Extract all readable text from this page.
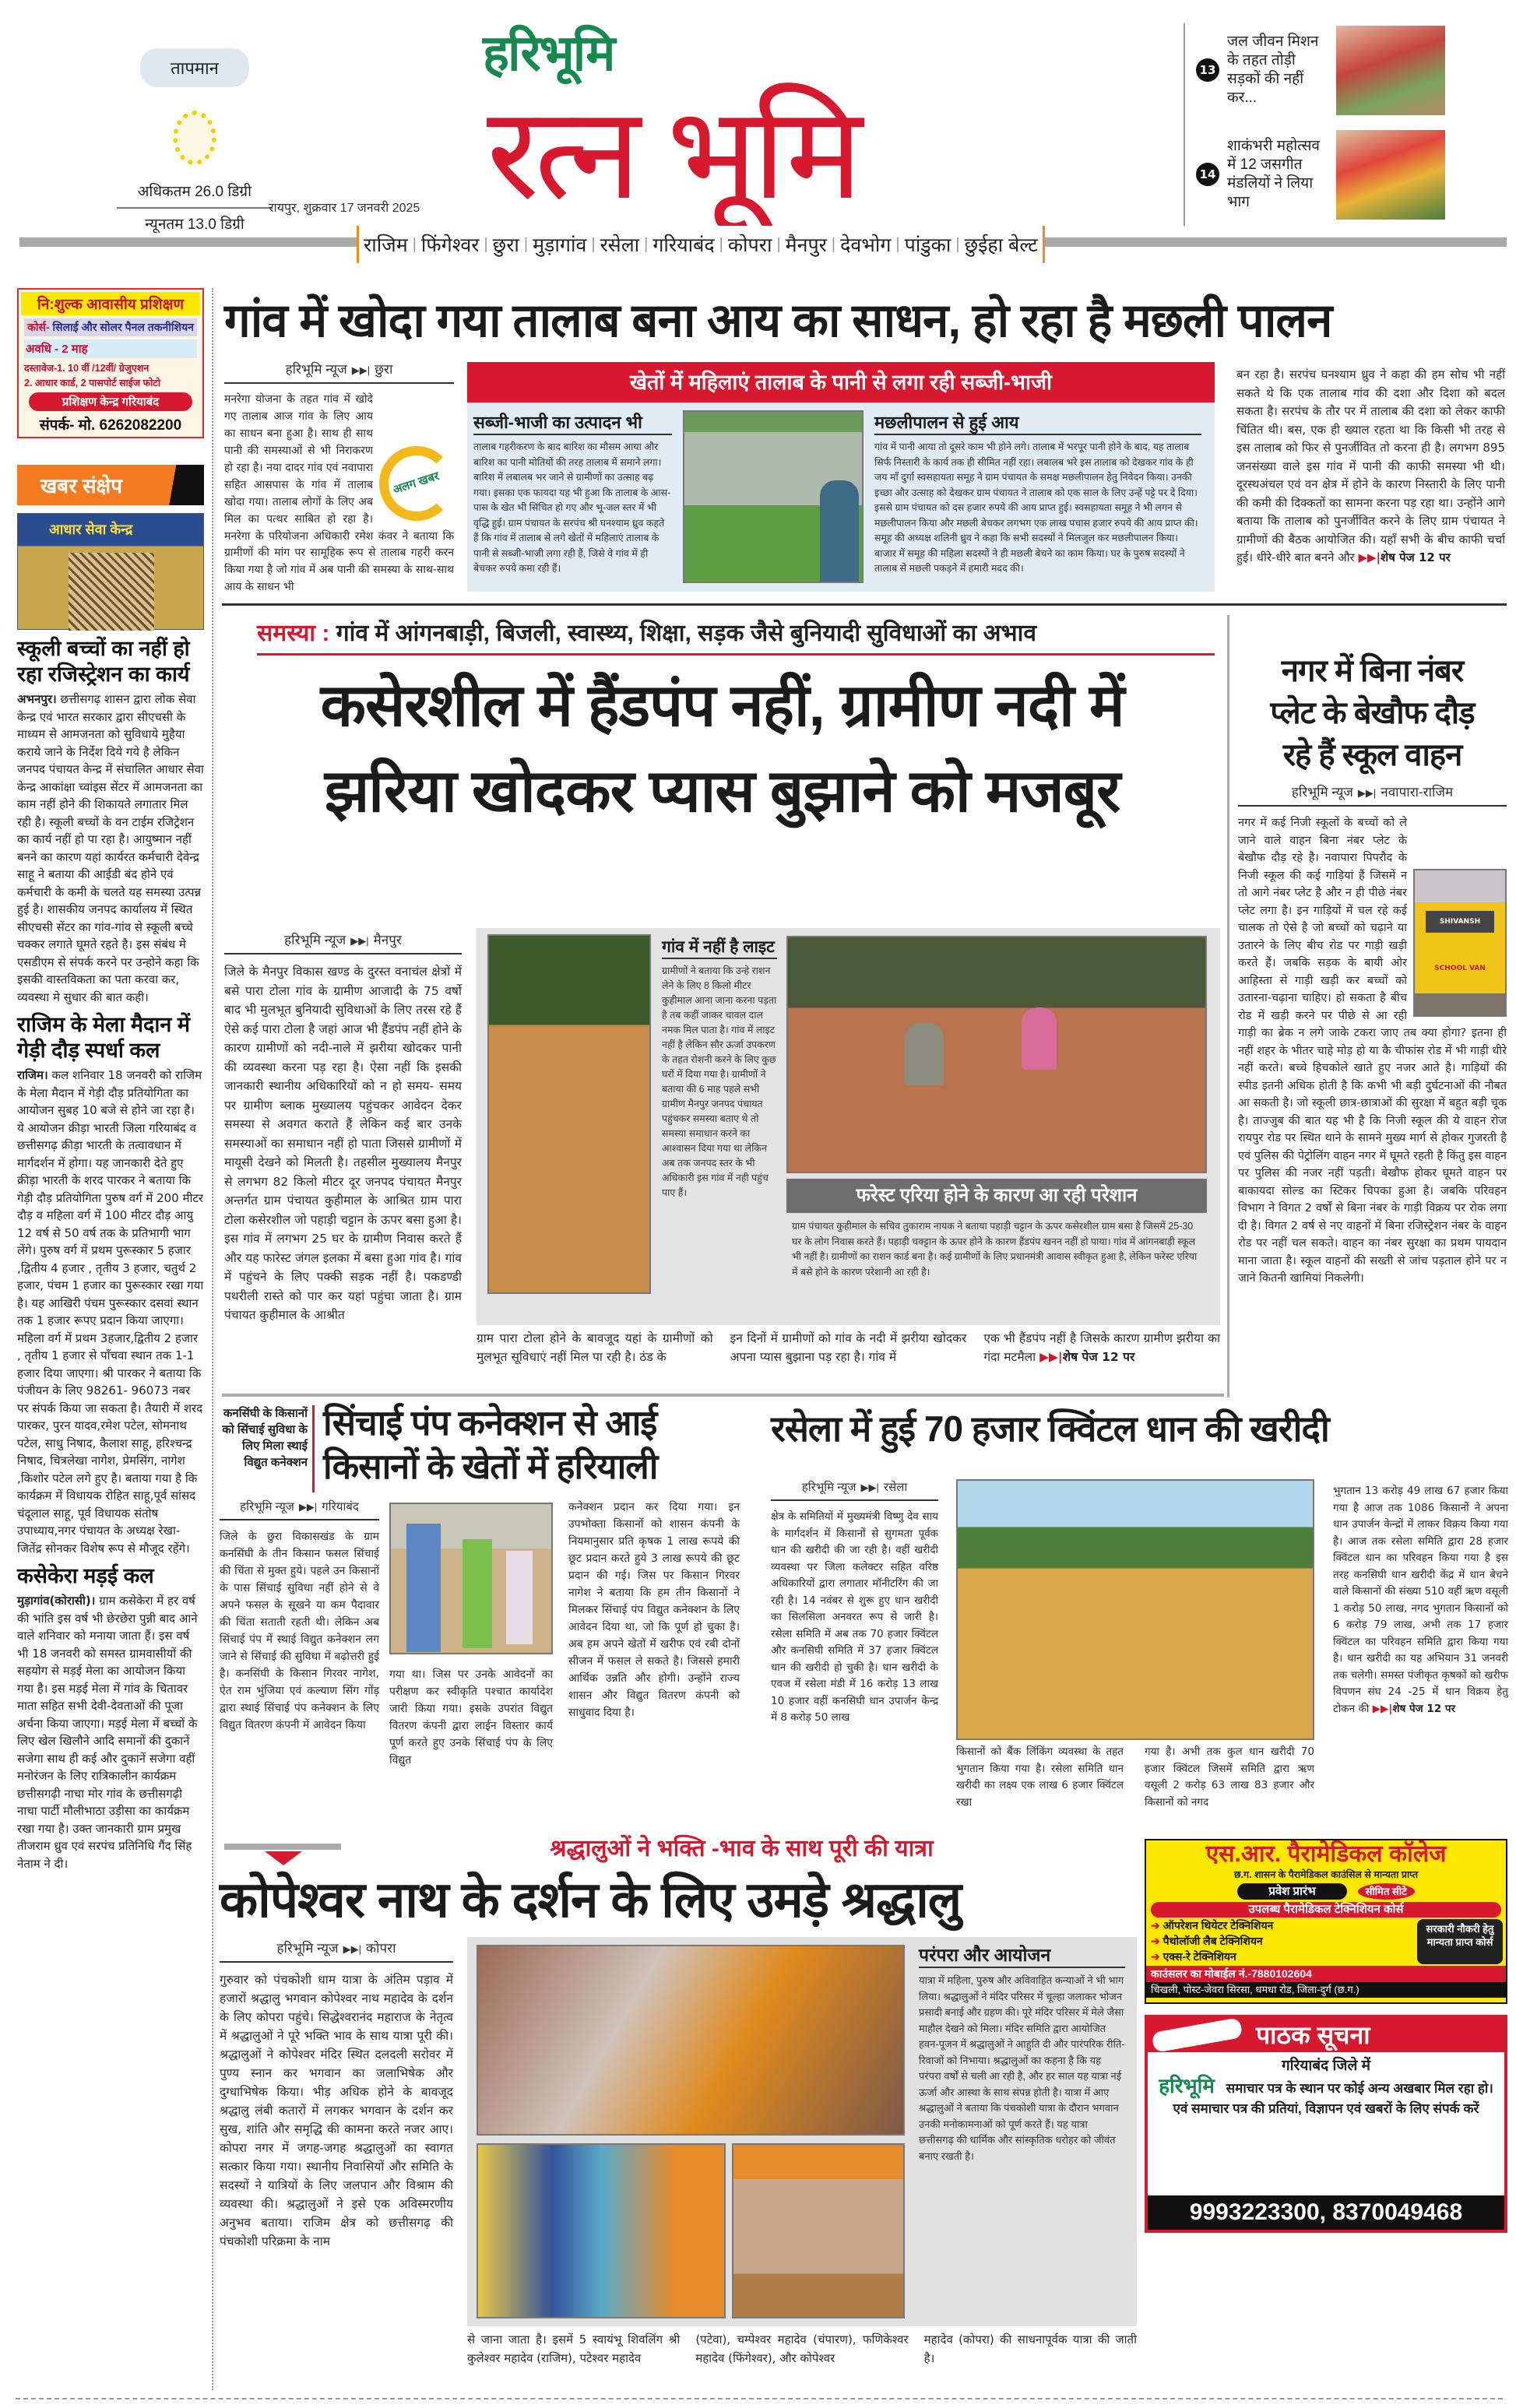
तापमान
अधिकतम 26.0 डिग्री
न्यूनतम 13.0 डिग्री
हरिभूमि
रत्न भूमि
रायपुर, शुक्रवार 17 जनवरी 2025
13
जल जीवन मिशन के तहत तोड़ी सड़कों की नहीं कर...
14
शाकंभरी महोत्सव में 12 जसगीत मंडलियों ने लिया भाग
राजिम | फिंगेश्वर | छुरा | मुड़ागांव | रसेला | गरियाबंद | कोपरा | मैनपुर | देवभोग | पांडुका | छुईहा बेल्ट
नि:शुल्क आवासीय प्रशिक्षण
कोर्स- सिलाई और सोलर पैनल तकनीशियन
अवधि - 2 माह
दस्तावेज-1. 10 वीं /12वीं/ ग्रेजुएशन
2. आधार कार्ड, 2 पासपोर्ट साईज फोटो
प्रशिक्षण केन्द्र गरियाबंद
संपर्क- मो. 6262082200
खबर संक्षेप
आधार सेवा केन्द्र
स्कूली बच्चों का नहीं हो रहा रजिस्ट्रेशन का कार्य
अभनपुर। छत्तीसगढ़ शासन द्वारा लोक सेवा केन्द्र एवं भारत सरकार द्वारा सीएचसी के माध्यम से आमजनता को सुविधाये मुहैया कराये जाने के निर्देश दिये गये है लेकिन जनपद पंचायत केन्द्र में संचालित आधार सेवा केन्द्र आकांक्षा च्वांइस सेंटर में आमजनता का काम नहीं होने की शिकायते लगातार मिल रही है। स्कूली बच्चों के वन टाईम रजिट्रेशन का कार्य नहीं हो पा रहा है। आयुष्मान नहीं बनने का कारण यहां कार्यरत कर्मचारी देवेन्द्र साहू ने बताया की आईडी बंद होने एवं कर्मचारी के कमी के चलते यह समस्या उत्पन्न हुई है। शासकीय जनपद कार्यालय में स्थित सीएचसी सेंटर का गांव-गांव से स्कूली बच्चे चक्कर लगाते घूमते रहते है। इस संबंध मे एसडीएम से संपर्क करने पर उन्होने कहा कि इसकी वास्तविकता का पता करवा कर, व्यवस्था मे सुधार की बात कही।
राजिम के मेला मैदान में गेड़ी दौड़ स्पर्धा कल
राजिम। कल शनिवार 18 जनवरी को राजिम के मेला मैदान में गेड़ी दौड़ प्रतियोगिता का आयोजन सुबह 10 बजे से होने जा रहा है। ये आयोजन क्रीड़ा भारती जिला गरियाबंद व छत्तीसगढ़ क्रीड़ा भारती के तत्वावधान में मार्गदर्शन में होगा। यह जानकारी देते हुए क्रीड़ा भारती के शरद पारकर ने बताया कि गेड़ी दौड़ प्रतियोगिता पुरुष वर्ग में 200 मीटर दौड़ व महिला वर्ग में 100 मीटर दौड़ आयु 12 वर्ष से 50 वर्ष तक के प्रतिभागी भाग लेंगे। पुरुष वर्ग में प्रथम पुरूस्कार 5 हजार ,द्वितीय 4 हजार , तृतीय 3 हजार, चतुर्थ 2 हजार, पंचम 1 हजार का पुरूस्कार रखा गया है। यह आखिरी पंचम पुरूस्कार दसवां स्थान तक 1 हजार रूपए प्रदान किया जाएगा। महिला वर्ग में प्रथम 3हजार,द्वितीय 2 हजार , तृतीय 1 हजार से पाँचवा स्थान तक 1-1 हजार दिया जाएगा। श्री पारकर ने बताया कि पंजीयन के लिए 98261- 96073 नबर पर संपर्क किया जा सकता है। तैयारी में शरद पारकर, पुरन यादव,रमेश पटेल, सोमनाथ पटेल, साधु निषाद, कैलाश साहू, हरिश्चन्द्र निषाद, चित्रलेखा नागेश, प्रेमसिंग, नागेश ,किशोर पटेल लगे हुए है। बताया गया है कि कार्यक्रम में विधायक रोहित साहू,पूर्व सांसद चंदूलाल साहू, पूर्व विधायक संतोष उपाध्याय,नगर पंचायत के अध्यक्ष रेखा-जितेंद्र सोनकर विशेष रूप से मौजूद रहेंगे।
कसेकेरा मड़ई कल
मुड़ागांव(कोरासी)। ग्राम कसेकेरा में हर वर्ष की भांति इस वर्ष भी छेरछेरा पुन्नी बाद आने वाले शनिवार को मनाया जाता हैं। इस वर्ष भी 18 जनवरी को समस्त ग्रामवासीयों की सहयोग से मड़ई मेला का आयोजन किया गया है। इस मड़ई मेला में गांव के चितावर माता सहित सभी देवी-देवताओं की पूजा अर्चना किया जाएगा। मड़ई मेला में बच्चों के लिए खेल खिलौने आदि समानों की दुकानें सजेगा साथ ही कई और दुकानें सजेगा वहीं मनोरंजन के लिए रात्रिकालीन कार्यक्रम छत्तीसगढ़ी नाचा मोर गांव के छत्तीसगढ़ी नाचा पार्टी मौलीभाठा उड़ीसा का कार्यक्रम रखा गया है। उक्त जानकारी ग्राम प्रमुख तीजराम ध्रुव एवं सरपंच प्रतिनिधि गैंद सिंह नेताम ने दी।
गांव में खोदा गया तालाब बना आय का साधन, हो रहा है मछली पालन
हरिभूमि न्यूज ▶▶| छुरा
अलग खबर
मनरेगा योजना के तहत गांव में खोदे गए तालाब आज गांव के लिए आय का साधन बना हुआ है। साथ ही साथ पानी की समस्याओं से भी निराकरण हो रहा है। नया दादर गांव एवं नवापारा सहित आसपास के गांव में तालाब खोदा गया। तालाब लोगों के लिए अब मिल का पत्थर साबित हो रहा है। मनरेगा के परियोजना अधिकारी रमेश कंवर ने बताया कि ग्रामीणों की मांग पर सामूहिक रूप से तालाब गहरी करन किया गया है जो गांव में अब पानी की समस्या के साथ-साथ आय के साधन भी
खेतों में महिलाएं तालाब के पानी से लगा रही सब्जी-भाजी
सब्जी-भाजी का उत्पादन भी
तालाब गहरीकरण के बाद बारिश का मौसम आया और बारिश का पानी मोतियों की तरह तालाब में समाने लगा। बारिश में लबालब भर जाने से ग्रामीणों का उत्साह बढ़ गया। इसका एक फायदा यह भी हुआ कि तालाब के आस-पास के खेत भी सिंचित हो गए और भू-जल स्तर में भी वृद्धि हुई। ग्राम पंचायत के सरपंच श्री घनश्याम ध्रुव कहते हैं कि गांव में तालाब से लगे खेतों में महिलाएं तालाब के पानी से सब्जी-भाजी लगा रही हैं, जिसे वे गांव में ही बेचकर रुपये कमा रही हैं।
मछलीपालन से हुई आय
गांव में पानी आया तो दूसरे काम भी होने लगे। तालाब में भरपूर पानी होने के बाद, यह तालाब सिर्फ निस्तारी के कार्य तक ही सीमित नहीं रहा। लबालब भरे इस तालाब को देखकर गांव के ही जय माँ दुर्गा स्वसहायता समूह ने ग्राम पंचायत के समक्ष मछलीपालन हेतु निवेदन किया। उनकी इच्छा और उत्साह को देखकर ग्राम पंचायत ने तालाब को एक साल के लिए उन्हें पट्टे पर दे दिया। इससे ग्राम पंचायत को दस हजार रुपये की आय प्राप्त हुई। स्वसहायता समूह ने भी लगन से मछलीपालन किया और मछली बेचकर लगभग एक लाख पचास हजार रुपये की आय प्राप्त की। समूह की अध्यक्ष शलिनी ध्रुव ने कहा कि सभी सदस्यों ने मिलजुल कर मछलीपालन किया। बाजार में समूह की महिला सदस्यों ने ही मछली बेचने का काम किया। घर के पुरुष सदस्यों ने तालाब से मछली पकड़ने में हमारी मदद की।
बन रहा है। सरपंच घनश्याम ध्रुव ने कहा की हम सोच भी नहीं सकते थे कि एक तालाब गांव की दशा और दिशा को बदल सकता है। सरपंच के तौर पर में तालाब की दशा को लेकर काफी चिंतित थी। बस, एक ही ख्याल रहता था कि किसी भी तरह से इस तालाब को फिर से पुनर्जीवित तो करना ही है। लगभग 895 जनसंख्या वाले इस गांव में पानी की काफी समस्या भी थी। दूरस्थअंचल एवं वन क्षेत्र में होने के कारण निस्तारी के लिए पानी की कमी की दिक्कतों का सामना करना पड़ रहा था। उन्होंने आगे बताया कि तालाब को पुनर्जीवित करने के लिए ग्राम पंचायत ने ग्रामीणों की बैठक आयोजित की। यहाँ सभी के बीच काफी चर्चा हुई। धीरे-धीरे बात बनने और ▶▶|शेष पेज 12 पर
समस्या : गांव में आंगनबाड़ी, बिजली, स्वास्थ्य, शिक्षा, सड़क जैसे बुनियादी सुविधाओं का अभाव
कसेरशील में हैंडपंप नहीं, ग्रामीण नदी में
झरिया खोदकर प्यास बुझाने को मजबूर
हरिभूमि न्यूज ▶▶| मैनपुर
जिले के मैनपुर विकास खण्ड के दुरस्त वनाचंल क्षेत्रों में बसे पारा टोला गांव के ग्रामीण आजादी के 75 वर्षो बाद भी मुलभूत बुनियादी सुविधाओं के लिए तरस रहे हैं ऐसे कई पारा टोला है जहां आज भी हैंडपंप नहीं होने के कारण ग्रामीणों को नदी-नाले में झरीया खोदकर पानी की व्यवस्था करना पड़ रहा है। ऐसा नहीं कि इसकी जानकारी स्थानीय अधिकारियों को न हो समय- समय पर ग्रामीण ब्लाक मुख्यालय पहुंचकर आवेदन देकर समस्या से अवगत कराते हैं लेकिन कई बार उनके समस्याओं का समाधान नहीं हो पाता जिससे ग्रामीणों में मायूसी देखने को मिलती है। तहसील मुख्यालय मैनपुर से लगभग 82 किलो मीटर दूर जनपद पंचायत मैनपुर अन्तर्गत ग्राम पंचायत कुहीमाल के आश्रित ग्राम पारा टोला कसेरशील जो पहाड़ी चट्टान के ऊपर बसा हुआ है। इस गांव में लगभग 25 घर के ग्रामीण निवास करते हैं और यह फारेस्ट जंगल इलका में बसा हुआ गांव है। गांव में पहुंचने के लिए पक्की सड़क नहीं है। पकडण्डी पथरीली रास्ते को पार कर यहां पहुंचा जाता है। ग्राम पंचायत कुहीमाल के आश्रीत
गांव में नहीं है लाइट
ग्रामीणों ने बताया कि उन्हे राशन लेने के लिए 8 किलो मीटर कुहीमाल आना जाना करना पड़ता है तब कहीं जाकर चावल दाल नमक मिल पाता है। गांव में लाइट नहीं है लेकिन सौर ऊर्जा उपकरण के तहत रोशनी करने के लिए कुछ घरों में दिया गया है। ग्रामीणों ने बताया की 6 माह पहले सभी ग्रामीण मैनपुर जनपद पंचायत पहुंचकर समस्या बताए थे तो समस्या समाधान करने का आश्वासन दिया गया था लेकिन अब तक जनपद स्तर के भी अधिकारी इस गांव में नही पहुंच पाए हैं।	फरेस्ट एरिया होने के कारण आ रही परेशान
ग्राम पंचायत कुहीमाल के सचिव तुकाराम नायक ने बताया पहाड़ी चट्टान के ऊपर कसेरशील ग्राम बसा है जिसमें 25-30 घर के लोग निवास करते हैं। पहाड़ी चक्ट्टान के ऊपर होने के कारण हैंडपंप खनन नहीं हो पाया। गांव में आंगनबाड़ी स्कूल भी नहीं है। ग्रामीणों का राशन कार्ड बना है। कई ग्रामीणों के लिए प्रधानमंत्री आवास स्वीकृत हुआ है, लेकिन फरेस्ट एरिया में बसे होने के कारण परेशानी आ रही है।
ग्राम पारा टोला होने के बावजूद यहां के ग्रामीणों को मुलभूत सूविधाएं नहीं मिल पा रही है। ठंड के
इन दिनों में ग्रामीणों को गांव के नदी में झरीया खोदकर अपना प्यास बुझाना पड़ रहा है। गांव में
एक भी हैंडपंप नहीं है जिसके कारण ग्रामीण झरीया का गंदा मटमैला ▶▶|शेष पेज 12 पर
नगर में बिना नंबर
प्लेट के बेखौफ दौड़
रहे हैं स्कूल वाहन
हरिभूमि न्यूज ▶▶| नवापारा-राजिम
SHIVANSH
SCHOOL VAN
नगर में कई निजी स्कूलों के बच्चों को ले जाने वाले वाहन बिना नंबर प्लेट के बेखौफ दौड़ रहे है। नवापारा पिपरौद के निजी स्कूल की कई गाड़ियां हैं जिसमें न तो आगे नंबर प्लेट है और न ही पीछे नंबर प्लेट लगा है। इन गाड़ियों में चल रहे कई चालक तो ऐसे है जो बच्चों को चढ़ाने या उतारने के लिए बीच रोड पर गाड़ी खड़ी करते हैं। जबकि सड़क के बायी ओर आहिस्ता से गाड़ी खड़ी कर बच्चों को उतारना-चढ़ाना चाहिए। हो सकता है बीच रोड में खड़ी करने पर पीछे से आ रही गाड़ी का ब्रेक न लगे जाके टकरा जाए तब क्या होगा? इतना ही नहीं शहर के भीतर चाहे मोड़ हो या कै चीफांस रोड में भी गाड़ी धीरे नहीं करते। बच्चे हिचकोले खाते हुए नजर आते है। गाड़ियों की स्पीड इतनी अधिक होती है कि कभी भी बड़ी दुर्घटनाओं की नौबत आ सकती है। जो स्कूली छात्र-छात्राओं की सुरक्षा में बहुत बड़ी चूक है। ताज्जुब की बात यह भी है कि निजी स्कूल की ये वाहन रोज रायपुर रोड पर स्थित थाने के सामने मुख्य मार्ग से होकर गुजरती है एवं पुलिस की पेट्रोलिंग वाहन नगर में घूमते रहती है किंतु इस वाहन पर पुलिस की नजर नहीं पड़ती। बेखौफ होकर घूमते वाहन पर बाकायदा सोल्ड का स्टिकर चिपका हुआ है। जबकि परिवहन विभाग ने विगत 2 वर्षों से बिना नंबर के गाड़ी विक्रय पर रोक लगा दी है। विगत 2 वर्ष से नए वाहनों में बिना रजिस्ट्रेशन नंबर के वाहन रोड पर नहीं चल सकते। वाहन का नंबर सुरक्षा का प्रथम पायदान माना जाता है। स्कूल वाहनों की सख्ती से जांच पड़ताल होने पर न जाने कितनी खामियां निकलेगी।
कनसिंघी के किसानों को सिंचाई सुविधा के लिए मिला स्थाई विद्युत कनेक्शन
सिंचाई पंप कनेक्शन से आई
किसानों के खेतों में हरियाली
हरिभूमि न्यूज ▶▶| गरियाबंद
जिले के छुरा विकासखंड के ग्राम कनसिंघी के तीन किसान फसल सिंचाई की चिंता से मुक्त हुये। पहले उन किसानों के पास सिंचाई सुविधा नहीं होने से वे अपने फसल के सूखने या कम पैदावार की चिंता सताती रहती थी। लेकिन अब सिंचाई पंप में स्थाई विद्युत कनेक्शन लग जाने से सिंचाई की सुविधा में बढ़ोत्तरी हुई है। कनसिंघी के किसान गिरवर नागेश, ऐत राम भुंजिया एवं कल्याण सिंग गोंड़ द्वारा स्थाई सिंचाई पंप कनेक्शन के लिए विद्युत वितरण कंपनी में आवेदन किया
गया था। जिस पर उनके आवेदनों का परीक्षण कर स्वीकृति पश्चात कार्यादेश जारी किया गया। इसके उपरांत विद्युत वितरण कंपनी द्वारा लाईन विस्तार कार्य पूर्ण करते हुए उनके सिंचाई पंप के लिए विद्युत
कनेक्शन प्रदान कर दिया गया। इन उपभोक्ता किसानों को शासन कंपनी के नियमानुसार प्रति कृषक 1 लाख रूपये की छूट प्रदान करते हुये 3 लाख रूपये की छूट प्रदान की गई। जिस पर किसान गिरवर नागेश ने बताया कि हम तीन किसानों ने मिलकर सिंचाई पंप विद्युत कनेक्शन के लिए आवेदन दिया था, जो कि पूर्ण हो चुका है। अब हम अपने खेतों में खरीफ एवं रबी दोनों सीजन में फसल ले सकते है। जिससे हमारी आर्थिक उन्नति और होगी। उन्होंने राज्य शासन और विद्युत वितरण कंपनी को साधुवाद दिया है।
रसेला में हुई 70 हजार क्विंटल धान की खरीदी
हरिभूमि न्यूज ▶▶| रसेला
क्षेत्र के समितियों में मुख्यमंत्री विष्णु देव साय के मार्गदर्शन में किसानों से सुगमता पूर्वक धान की खरीदी की जा रही है। वहीं खरीदी व्यवस्था पर जिला कलेक्टर सहित वरिष्ठ अधिकारियों द्वारा लगातार मॉनीटरिंग की जा रही है। 14 नवंबर से शुरू हुए धान खरीदी का सिलसिला अनवरत रूप से जारी है। रसेला समिति में अब तक 70 हजार क्विंटल और कनसिघी समिति में 37 हजार क्विंटल धान की खरीदी हो चुकी है। धान खरीदी के एवज में रसेला मंडी में 16 करोड़ 13 लाख 10 हजार वहीं कनसिघी धान उपार्जन केन्द्र में 8 करोड़ 50 लाख
किसानों को बैंक लिंकिंग व्यवस्था के तहत भुगतान किया गया है। रसेला समिति धान खरीदी का लक्ष्य एक लाख 6 हजार क्विंटल रखा
गया है। अभी तक कुल धान खरीदी 70 हजार क्विंटल जिसमें समिति द्वारा ऋण वसूली 2 करोड़ 63 लाख 83 हजार और किसानों को नगद
भुगतान 13 करोड़ 49 लाख 67 हजार किया गया है आज तक 1086 किसानों ने अपना धान उपार्जन केन्द्रों में लाकर विक्रय किया गया है। आज तक रसेला समिति द्वारा 28 हजार क्विंटल धान का परिवहन किया गया है इस तरह कनसिघी धान खरीदी केंद्र में धान बेचने वाले किसानों की संख्या 510 वहीं ऋण वसूली 1 करोड़ 50 लाख, नगद भुगतान किसानों को 6 करोड़ 79 लाख, अभी तक 17 हजार क्विंटल का परिवहन समिति द्वारा किया गया है। धान खरीदी का यह अभियान 31 जनवरी तक चलेगी। समस्त पंजीकृत कृषकों को खरीफ विपणन संघ 24 -25 में धान विक्रय हेतु टोकन की ▶▶|शेष पेज 12 पर
श्रद्धालुओं ने भक्ति -भाव के साथ पूरी की यात्रा
कोपेश्वर नाथ के दर्शन के लिए उमड़े श्रद्धालु
हरिभूमि न्यूज ▶▶| कोपरा
गुरुवार को पंचकोशी धाम यात्रा के अंतिम पड़ाव में हजारों श्रद्धालु भगवान कोपेश्वर नाथ महादेव के दर्शन के लिए कोपरा पहुंचे। सिद्धेश्वरानंद महाराज के नेतृत्व में श्रद्धालुओं ने पूरे भक्ति भाव के साथ यात्रा पूरी की। श्रद्धालुओं ने कोपेश्वर मंदिर स्थित दलदली सरोवर में पुण्य स्नान कर भगवान का जलाभिषेक और दुग्धाभिषेक किया। भीड़ अधिक होने के बावजूद श्रद्धालु लंबी कतारों में लगकर भगवान के दर्शन कर सुख, शांति और समृद्धि की कामना करते नजर आए। कोपरा नगर में जगह-जगह श्रद्धालुओं का स्वागत सत्कार किया गया। स्थानीय निवासियों और समिति के सदस्यों ने यात्रियों के लिए जलपान और विश्राम की व्यवस्था की। श्रद्धालुओं ने इसे एक अविस्मरणीय अनुभव बताया। राजिम क्षेत्र को छत्तीसगढ़ की पंचकोशी परिक्रमा के नाम
परंपरा और आयोजन
यात्रा में महिला, पुरुष और अविवाहित कन्याओं ने भी भाग लिया। श्रद्धालुओं ने मंदिर परिसर में चूल्हा जलाकर भोजन प्रसादी बनाई और ग्रहण की। पूरे मंदिर परिसर में मेले जैसा माहौल देखने को मिला। मंदिर समिति द्वारा आयोजित हवन-पूजन में श्रद्धालुओं ने आहुति दी और पारंपरिक रीति-रिवाजों को निभाया। श्रद्धालुओं का कहना है कि यह परंपरा वर्षों से चली आ रही है, और हर साल यह यात्रा नई ऊर्जा और आस्था के साथ संपन्न होती है। यात्रा में आए श्रद्धालुओं ने बताया कि पंचकोशी यात्रा के दौरान भगवान उनकी मनोकामनाओं को पूर्ण करते हैं। यह यात्रा छत्तीसगढ़ की धार्मिक और सांस्कृतिक धरोहर को जीवंत बनाए रखती है।
से जाना जाता है। इसमें 5 स्वायंभू शिवलिंग श्री कुलेश्वर महादेव (राजिम), पटेश्वर महादेव
(पटेवा), चम्पेश्वर महादेव (चंपारण), फणिकेश्वर महादेव (फिंगेश्वर), और कोपेश्वर
महादेव (कोपरा) की साधनापूर्वक यात्रा की जाती है।
एस.आर. पैरामेडिकल कॉलेज
छ.ग. शासन के पैरामेडिकल काउंसिल से मान्यता प्राप्त
प्रवेश प्रारंभ	सीमित सीटे
उपलब्ध पैरामेडिकल टेक्निशियन कोर्स
➔ ऑपरेशन थियेटर टेक्निशियन
➔ पैथोलॉजी लैब टेक्निशियन
➔ एक्स-रे टेक्निशियन
सरकारी नौकरी हेतु मान्यता प्राप्त कोर्स
काउंसलर का मोबाईल नं.-7880102604
चिखली, पोस्ट-जेवरा सिरसा, धमधा रोड, जिला-दुर्ग (छ.ग.)
पाठक सूचना
गरियाबंद जिले में
हरिभूमि समाचार पत्र के स्थान पर कोई अन्य अखबार मिल रहा हो। एवं समाचार पत्र की प्रतियां, विज्ञापन एवं खबरों के लिए संपर्क करें
9993223300, 8370049468
